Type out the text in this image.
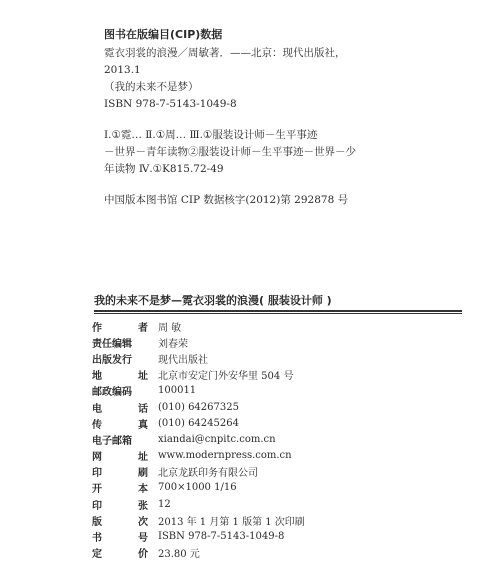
图书在版编目(CIP)数据
霓衣羽裳的浪漫／周敏著．——北京：现代出版社，
2013.1
（我的未来不是梦）
ISBN 978-7-5143-1049-8
Ⅰ.①霓… Ⅱ.①周… Ⅲ.①服装设计师－生平事迹
－世界－青年读物②服装设计师－生平事迹－世界－少
年读物 Ⅳ.①K815.72-49
中国版本图书馆 CIP 数据核字(2012)第 292878 号
我的未来不是梦—霓衣羽裳的浪漫( 服装设计师 )
作	者 周 敏
责任编辑	刘春荣
出版发行	现代出版社
地	址 北京市安定门外安华里 504 号
邮政编码	100011
电	话 (010) 64267325
传	真 (010) 64245264
电子邮箱	xiandai@cnpitc.com.cn
网	址 www.modernpress.com.cn
印	刷 北京龙跃印务有限公司
开	本 700×1000 1/16
印	张 12
版	次 2013 年 1 月第 1 版第 1 次印刷
书	号 ISBN 978-7-5143-1049-8
定	价 23.80 元
